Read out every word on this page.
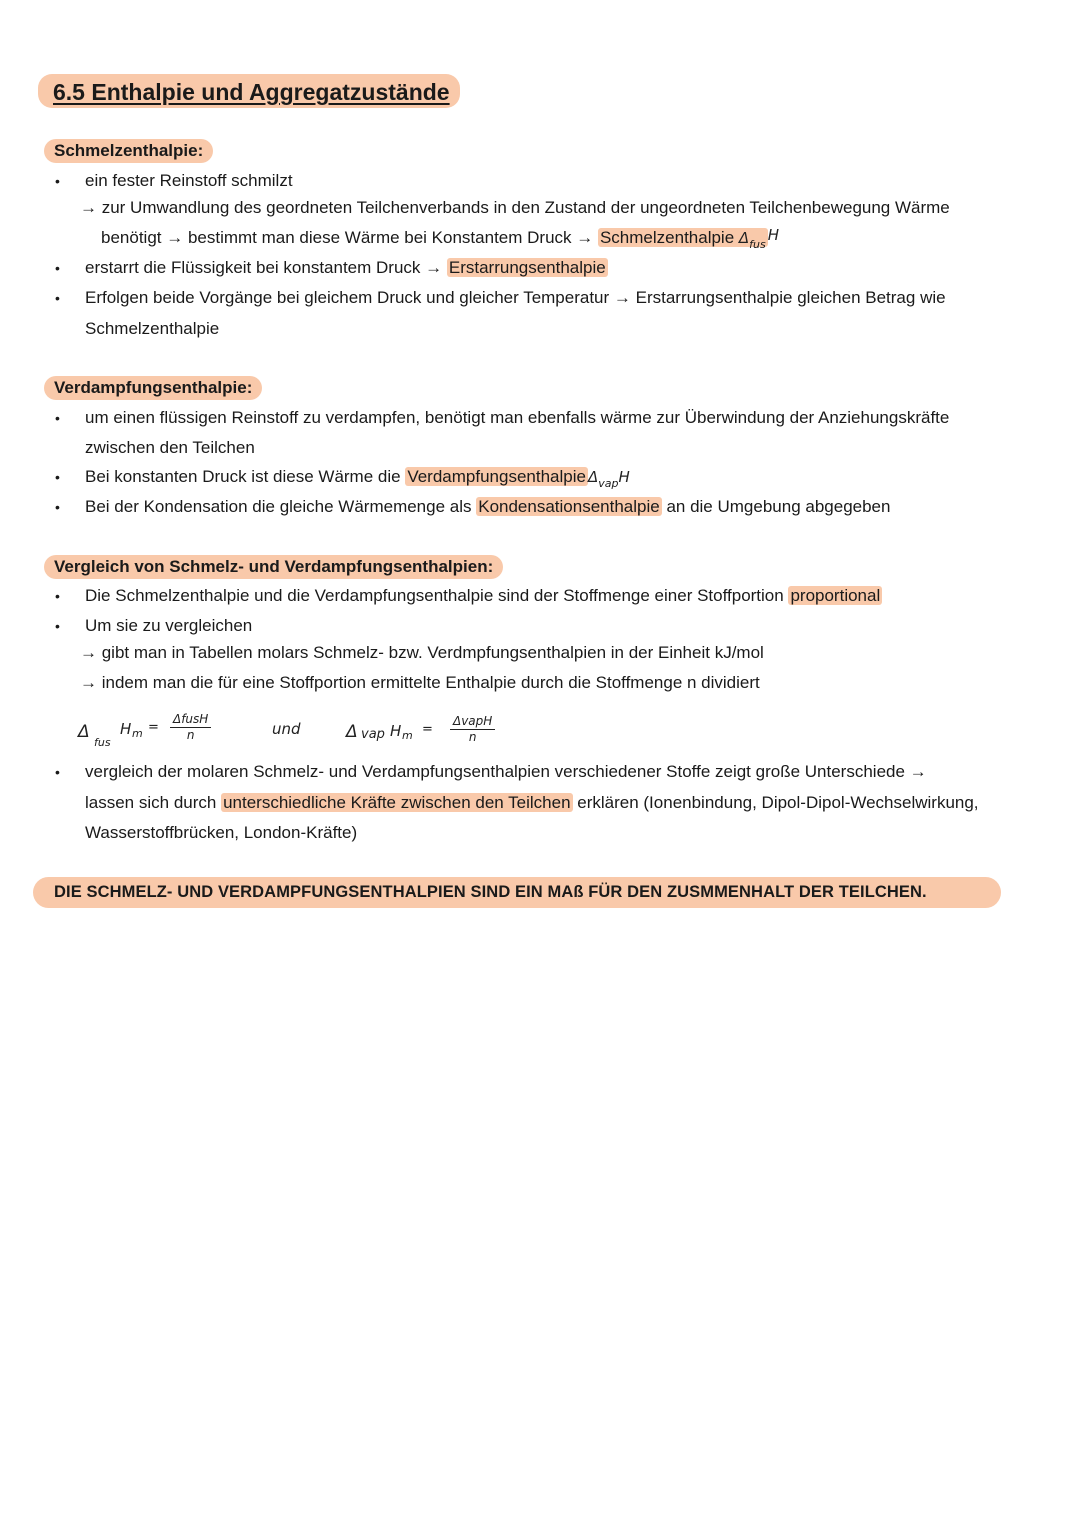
6.5 Enthalpie und Aggregatzustände
Schmelzenthalpie:
• ein fester Reinstoff schmilzt
→ zur Umwandlung des geordneten Teilchenverbands in den Zustand der ungeordneten Teilchenbewegung Wärme
benötigt → bestimmt man diese Wärme bei Konstantem Druck → Schmelzenthalpie $\Delta_{fus}H$
• erstarrt die Flüssigkeit bei konstantem Druck → Erstarrungsenthalpie
• Erfolgen beide Vorgänge bei gleichem Druck und gleicher Temperatur → Erstarrungsenthalpie gleichen Betrag wie
Schmelzenthalpie
Verdampfungsenthalpie:
• um einen flüssigen Reinstoff zu verdampfen, benötigt man ebenfalls wärme zur Überwindung der Anziehungskräfte
zwischen den Teilchen
• Bei konstanten Druck ist diese Wärme die Verdampfungsenthalpie $\Delta_{vap}H$
• Bei der Kondensation die gleiche Wärmemenge als Kondensationsenthalpie an die Umgebung abgegeben
Vergleich von Schmelz- und Verdampfungsenthalpien:
• Die Schmelzenthalpie und die Verdampfungsenthalpie sind der Stoffmenge einer Stoffportion proportional
• Um sie zu vergleichen
→ gibt man in Tabellen molars Schmelz- bzw. Verdmpfungsenthalpien in der Einheit kJ/mol
→ indem man die für eine Stoffportion ermittelte Enthalpie durch die Stoffmenge n dividiert
Δ
fus
H m =
ΔfusH
n	und	Δ vap H m =
ΔvapH
n
• vergleich der molaren Schmelz- und Verdampfungsenthalpien verschiedener Stoffe zeigt große Unterschiede →
lassen sich durch unterschiedliche Kräfte zwischen den Teilchen erklären (Ionenbindung, Dipol-Dipol-Wechselwirkung,
Wasserstoffbrücken, London-Kräfte)
DIE SCHMELZ- UND VERDAMPFUNGSENTHALPIEN SIND EIN MAß FÜR DEN ZUSMMENHALT DER TEILCHEN.
